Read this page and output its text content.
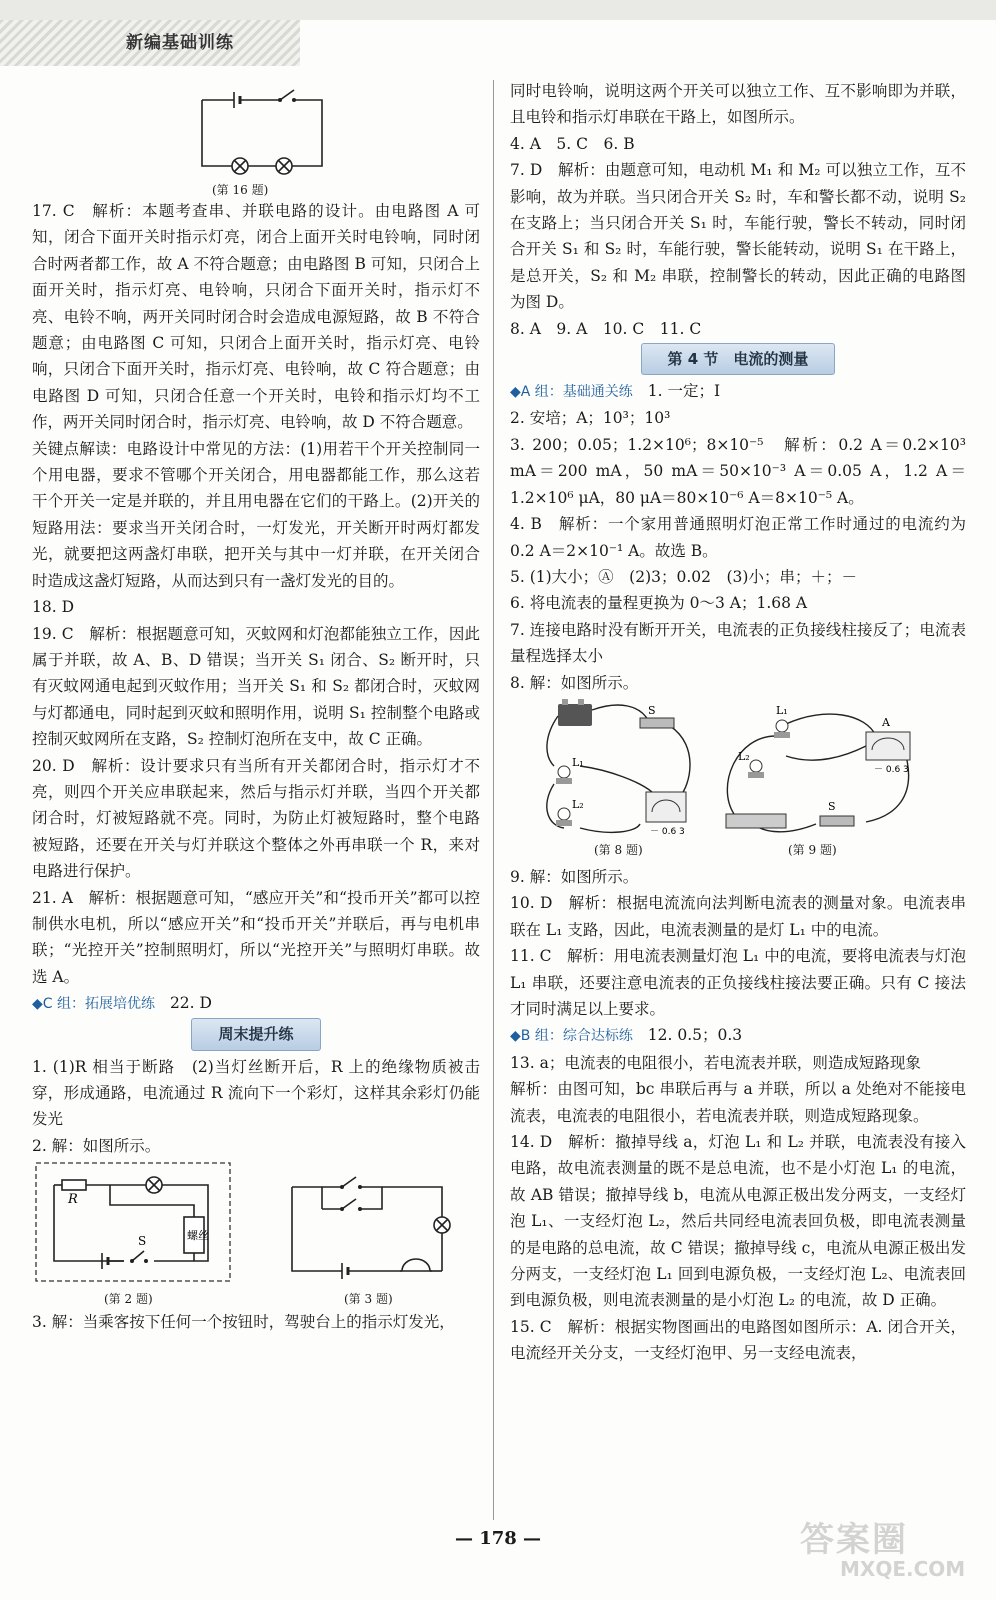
新编基础训练
(第 16 题)

17. C　解析：本题考查串、并联电路的设计。由电路图 A 可知，闭合下面开关时指示灯亮，闭合上面开关时电铃响，同时闭合时两者都工作，故 A 不符合题意；由电路图 B 可知，只闭合上面开关时，指示灯亮、电铃响，只闭合下面开关时，指示灯不亮、电铃不响，两开关同时闭合时会造成电源短路，故 B 不符合题意；由电路图 C 可知，只闭合上面开关时，指示灯亮、电铃响，只闭合下面开关时，指示灯亮、电铃响，故 C 符合题意；由电路图 D 可知，只闭合任意一个开关时，电铃和指示灯均不工作，两开关同时闭合时，指示灯亮、电铃响，故 D 不符合题意。

关键点解读：电路设计中常见的方法：(1)用若干个开关控制同一个用电器，要求不管哪个开关闭合，用电器都能工作，那么这若干个开关一定是并联的，并且用电器在它们的干路上。(2)开关的短路用法：要求当开关闭合时，一灯发光，开关断开时两灯都发光，就要把这两盏灯串联，把开关与其中一灯并联，在开关闭合时造成这盏灯短路，从而达到只有一盏灯发光的目的。

18. D

19. C　解析：根据题意可知，灭蚊网和灯泡都能独立工作，因此属于并联，故 A、B、D 错误；当开关 S₁ 闭合、S₂ 断开时，只有灭蚊网通电起到灭蚊作用；当开关 S₁ 和 S₂ 都闭合时，灭蚊网与灯都通电，同时起到灭蚊和照明作用，说明 S₁ 控制整个电路或控制灭蚊网所在支路，S₂ 控制灯泡所在支中，故 C 正确。

20. D　解析：设计要求只有当所有开关都闭合时，指示灯才不亮，则四个开关应串联起来，然后与指示灯并联，当四个开关都闭合时，灯被短路就不亮。同时，为防止灯被短路时，整个电路被短路，还要在开关与灯并联这个整体之外再串联一个 R，来对电路进行保护。

21. A　解析：根据题意可知，“感应开关”和“投币开关”都可以控制供水电机，所以“感应开关”和“投币开关”并联后，再与电机串联；“光控开关”控制照明灯，所以“光控开关”与照明灯串联。故选 A。

◆C 组：拓展培优练 22. D

周末提升练

1. (1)R 相当于断路　(2)当灯丝断开后，R 上的绝缘物质被击穿，形成通路，电流通过 R 流向下一个彩灯，这样其余彩灯仍能发光

2. 解：如图所示。

R
S	螺丝
(第 2 题)	(第 3 题)

3. 解：当乘客按下任何一个按钮时，驾驶台上的指示灯发光，

同时电铃响，说明这两个开关可以独立工作、互不影响即为并联，且电铃和指示灯串联在干路上，如图所示。

4. A　5. C　6. B

7. D　解析：由题意可知，电动机 M₁ 和 M₂ 可以独立工作，互不影响，故为并联。当只闭合开关 S₂ 时，车和警长都不动，说明 S₂ 在支路上；当只闭合开关 S₁ 时，车能行驶，警长不转动，同时闭合开关 S₁ 和 S₂ 时，车能行驶，警长能转动，说明 S₁ 在干路上，是总开关，S₂ 和 M₂ 串联，控制警长的转动，因此正确的电路图为图 D。

8. A　9. A　10. C　11. C

第 4 节　电流的测量

◆A 组：基础通关练 1. 一定；I

2. 安培；A；10³；10³

3. 200；0.05；1.2×10⁶；8×10⁻⁵　解析：0.2 A＝0.2×10³ mA＝200 mA，50 mA＝50×10⁻³ A＝0.05 A，1.2 A＝1.2×10⁶ μA，80 μA＝80×10⁻⁶ A＝8×10⁻⁵ A。

4. B　解析：一个家用普通照明灯泡正常工作时通过的电流约为 0.2 A＝2×10⁻¹ A。故选 B。

5. (1)大小；Ⓐ　(2)3；0.02　(3)小；串；＋；－

6. 将电流表的量程更换为 0～3 A；1.68 A

7. 连接电路时没有断开开关，电流表的正负接线柱接反了；电流表量程选择太小

8. 解：如图所示。

L₁
L₂
S
－ 0.6 3
(第 8 题)
L₁
L₂
A
S
－ 0.6 3
(第 9 题)

9. 解：如图所示。

10. D　解析：根据电流流向法判断电流表的测量对象。电流表串联在 L₁ 支路，因此，电流表测量的是灯 L₁ 中的电流。

11. C　解析：用电流表测量灯泡 L₁ 中的电流，要将电流表与灯泡 L₁ 串联，还要注意电流表的正负接线柱接法要正确。只有 C 接法才同时满足以上要求。

◆B 组：综合达标练 12. 0.5；0.3

13. a；电流表的电阻很小，若电流表并联，则造成短路现象

解析：由图可知，bc 串联后再与 a 并联，所以 a 处绝对不能接电流表，电流表的电阻很小，若电流表并联，则造成短路现象。

14. D　解析：撤掉导线 a，灯泡 L₁ 和 L₂ 并联，电流表没有接入电路，故电流表测量的既不是总电流，也不是小灯泡 L₁ 的电流，故 AB 错误；撤掉导线 b，电流从电源正极出发分两支，一支经灯泡 L₁、一支经灯泡 L₂，然后共同经电流表回负极，即电流表测量的是电路的总电流，故 C 错误；撤掉导线 c，电流从电源正极出发分两支，一支经灯泡 L₁ 回到电源负极，一支经灯泡 L₂、电流表回到电源负极，则电流表测量的是小灯泡 L₂ 的电流，故 D 正确。

15. C　解析：根据实物图画出的电路图如图所示：A. 闭合开关，电流经开关分支，一支经灯泡甲、另一支经电流表，

— 178 —	答案圈
MXQE.COM
